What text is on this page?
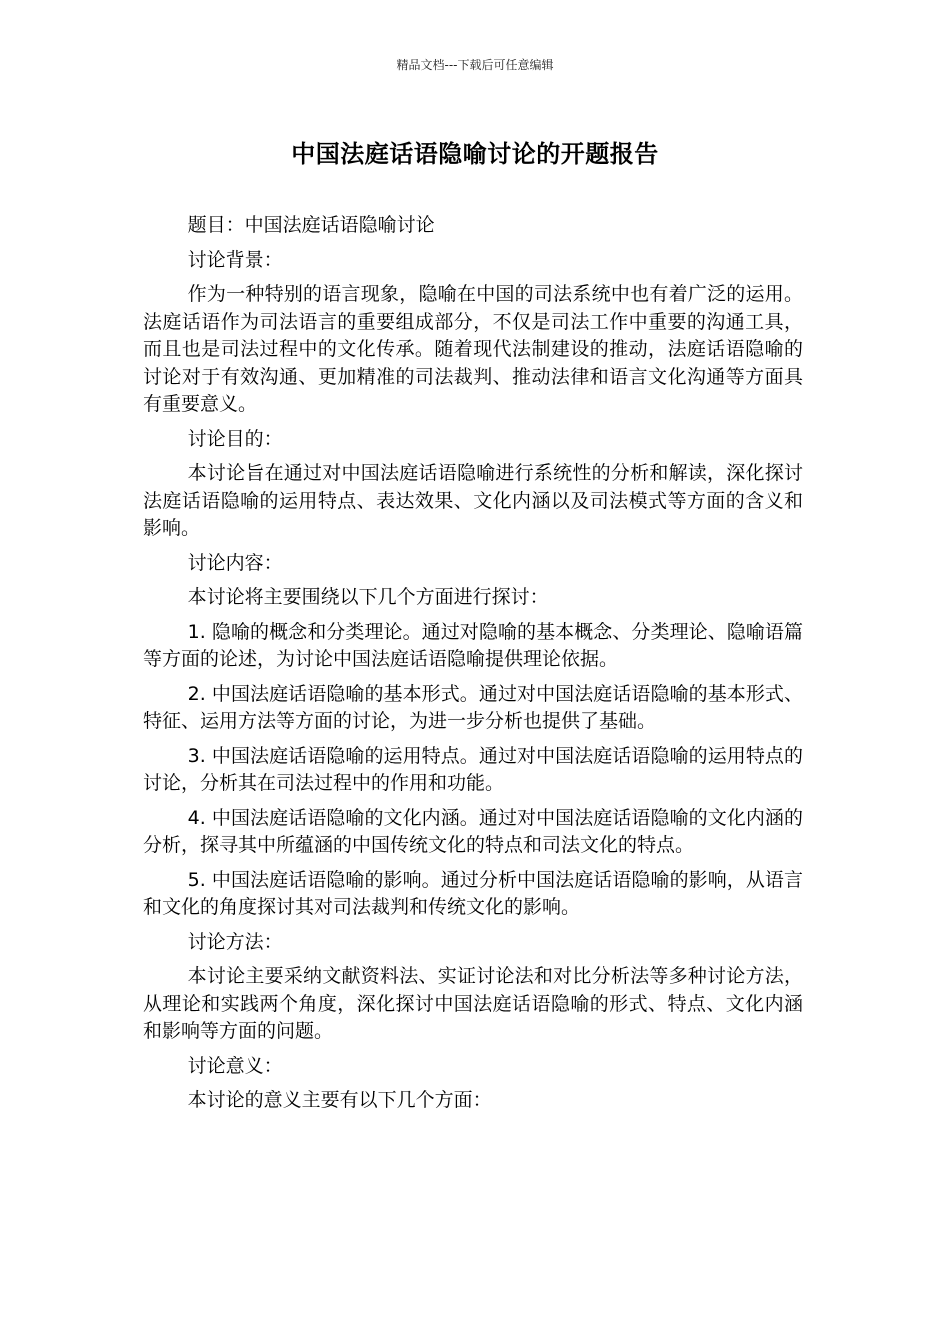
精品文档---下载后可任意编辑
中国法庭话语隐喻讨论的开题报告

题目：中国法庭话语隐喻讨论

讨论背景：

作为一种特别的语言现象，隐喻在中国的司法系统中也有着广泛的运用。法庭话语作为司法语言的重要组成部分，不仅是司法工作中重要的沟通工具，而且也是司法过程中的文化传承。随着现代法制建设的推动，法庭话语隐喻的讨论对于有效沟通、更加精准的司法裁判、推动法律和语言文化沟通等方面具有重要意义。

讨论目的：

本讨论旨在通过对中国法庭话语隐喻进行系统性的分析和解读，深化探讨法庭话语隐喻的运用特点、表达效果、文化内涵以及司法模式等方面的含义和影响。

讨论内容：

本讨论将主要围绕以下几个方面进行探讨：

1. 隐喻的概念和分类理论。通过对隐喻的基本概念、分类理论、隐喻语篇等方面的论述，为讨论中国法庭话语隐喻提供理论依据。

2. 中国法庭话语隐喻的基本形式。通过对中国法庭话语隐喻的基本形式、特征、运用方法等方面的讨论，为进一步分析也提供了基础。

3. 中国法庭话语隐喻的运用特点。通过对中国法庭话语隐喻的运用特点的讨论，分析其在司法过程中的作用和功能。

4. 中国法庭话语隐喻的文化内涵。通过对中国法庭话语隐喻的文化内涵的分析，探寻其中所蕴涵的中国传统文化的特点和司法文化的特点。

5. 中国法庭话语隐喻的影响。通过分析中国法庭话语隐喻的影响，从语言和文化的角度探讨其对司法裁判和传统文化的影响。

讨论方法：

本讨论主要采纳文献资料法、实证讨论法和对比分析法等多种讨论方法，从理论和实践两个角度，深化探讨中国法庭话语隐喻的形式、特点、文化内涵和影响等方面的问题。

讨论意义：

本讨论的意义主要有以下几个方面：
